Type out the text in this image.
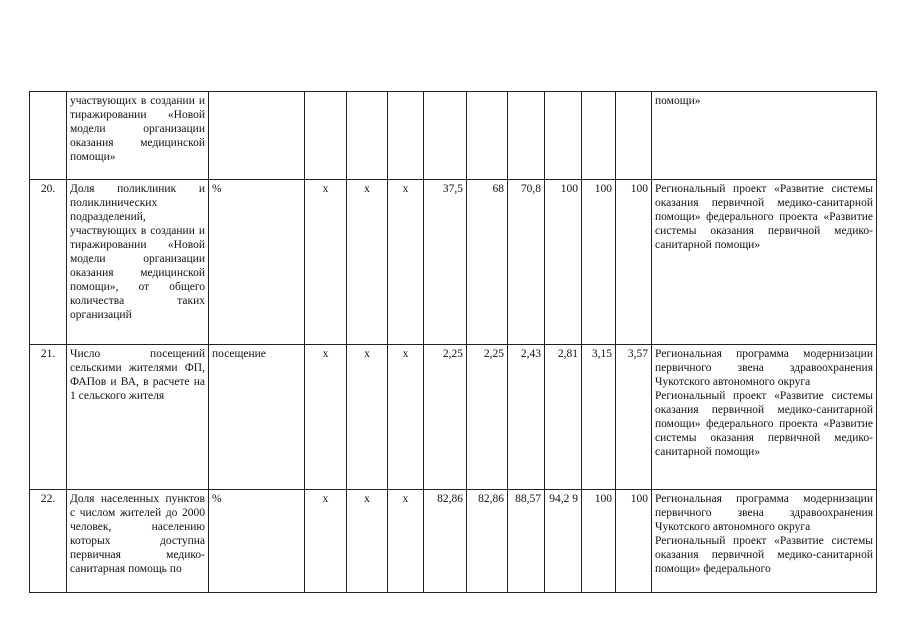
	участвующих в создании и тиражировании «Новой модели организации оказания медицинской помощи»											помощи»

20.	Доля поликлиник и поликлинических подразделений, участвующих в создании и тиражировании «Новой модели организации оказания медицинской помощи», от общего количества таких организаций	%	х	х	х	37,5	68	70,8	100	100	100	Региональный проект «Развитие системы оказания первичной медико-санитарной помощи» федерального проекта «Развитие системы оказания первичной медико-санитарной помощи»

21.	Число посещений сельскими жителями ФП, ФАПов и ВА, в расчете на 1 сельского жителя	посещение	х	х	х	2,25	2,25	2,43	2,81	3,15	3,57	Региональная программа модернизации первичного звена здравоохранения Чукотского автономного округа
Региональный проект «Развитие системы оказания первичной медико-санитарной помощи» федерального проекта «Развитие системы оказания первичной медико-санитарной помощи»

22.	Доля населенных пунктов с числом жителей до 2000 человек, населению которых доступна первичная медико-санитарная помощь по	%	х	х	х	82,86	82,86	88,57	94,2 9	100	100	Региональная программа модернизации первичного звена здравоохранения Чукотского автономного округа
Региональный проект «Развитие системы оказания первичной медико-санитарной помощи» федерального
